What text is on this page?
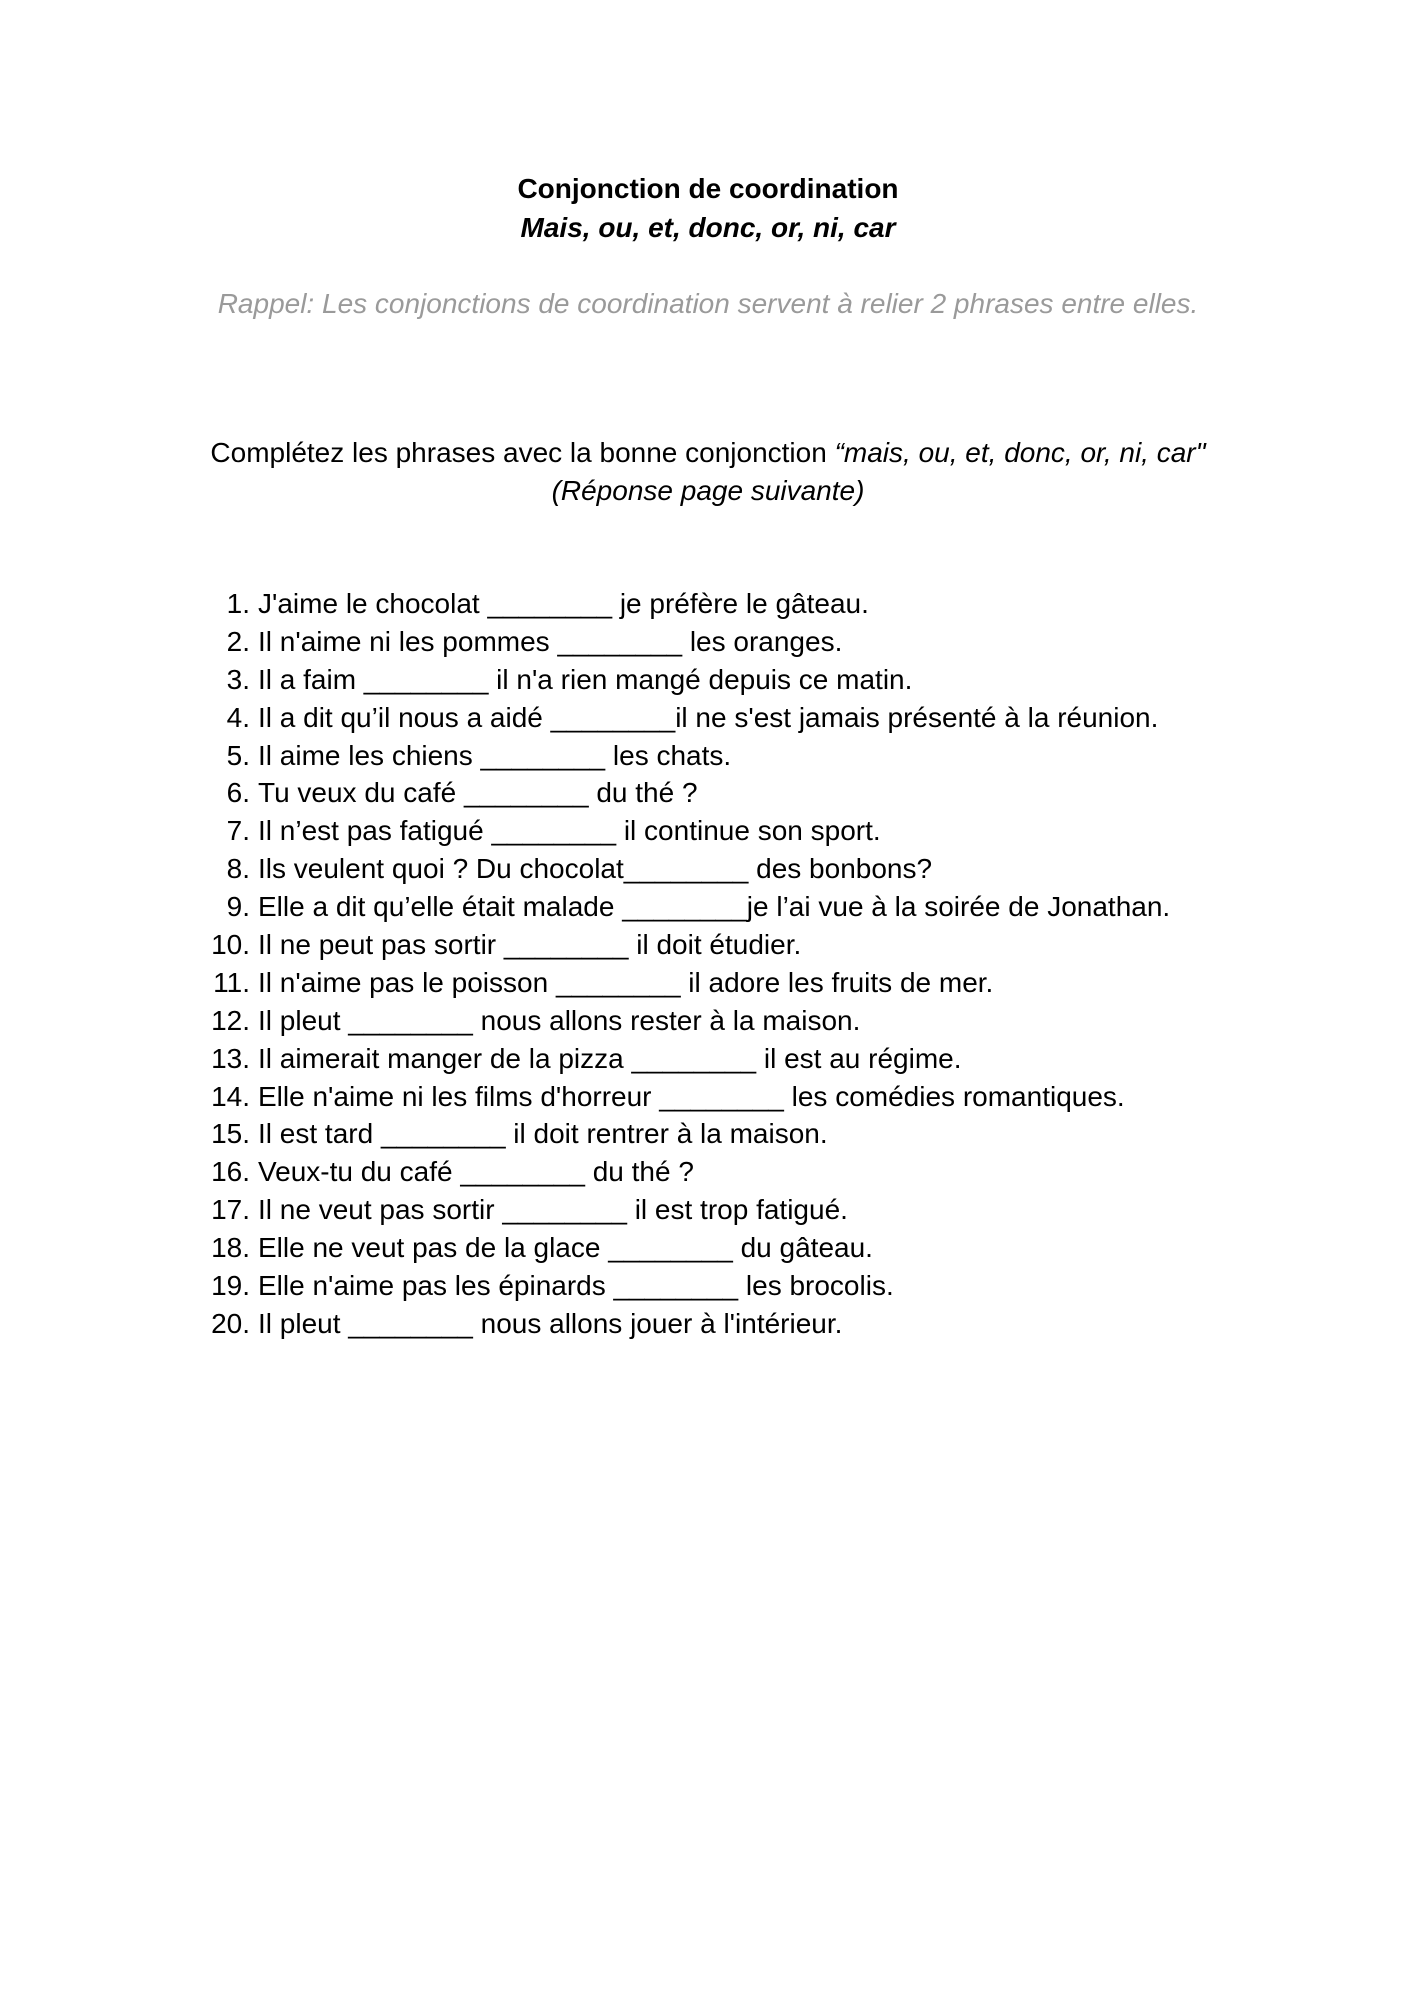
Conjonction de coordination
Mais, ou, et, donc, or, ni, car
Rappel: Les conjonctions de coordination servent à relier 2 phrases entre elles.
Complétez les phrases avec la bonne conjonction “mais, ou, et, donc, or, ni, car"
(Réponse page suivante)
1. J'aime le chocolat ________ je préfère le gâteau.
2. Il n'aime ni les pommes ________ les oranges.
3. Il a faim ________ il n'a rien mangé depuis ce matin.
4. Il a dit qu’il nous a aidé ________il ne s'est jamais présenté à la réunion.
5. Il aime les chiens ________ les chats.
6. Tu veux du café ________ du thé ?
7. Il n’est pas fatigué ________ il continue son sport.
8. Ils veulent quoi ? Du chocolat________ des bonbons?
9. Elle a dit qu’elle était malade ________je l’ai vue à la soirée de Jonathan.
10. Il ne peut pas sortir ________ il doit étudier.
11. Il n'aime pas le poisson ________ il adore les fruits de mer.
12. Il pleut ________ nous allons rester à la maison.
13. Il aimerait manger de la pizza ________ il est au régime.
14. Elle n'aime ni les films d'horreur ________ les comédies romantiques.
15. Il est tard ________ il doit rentrer à la maison.
16. Veux-tu du café ________ du thé ?
17. Il ne veut pas sortir ________ il est trop fatigué.
18. Elle ne veut pas de la glace ________ du gâteau.
19. Elle n'aime pas les épinards ________ les brocolis.
20. Il pleut ________ nous allons jouer à l'intérieur.
